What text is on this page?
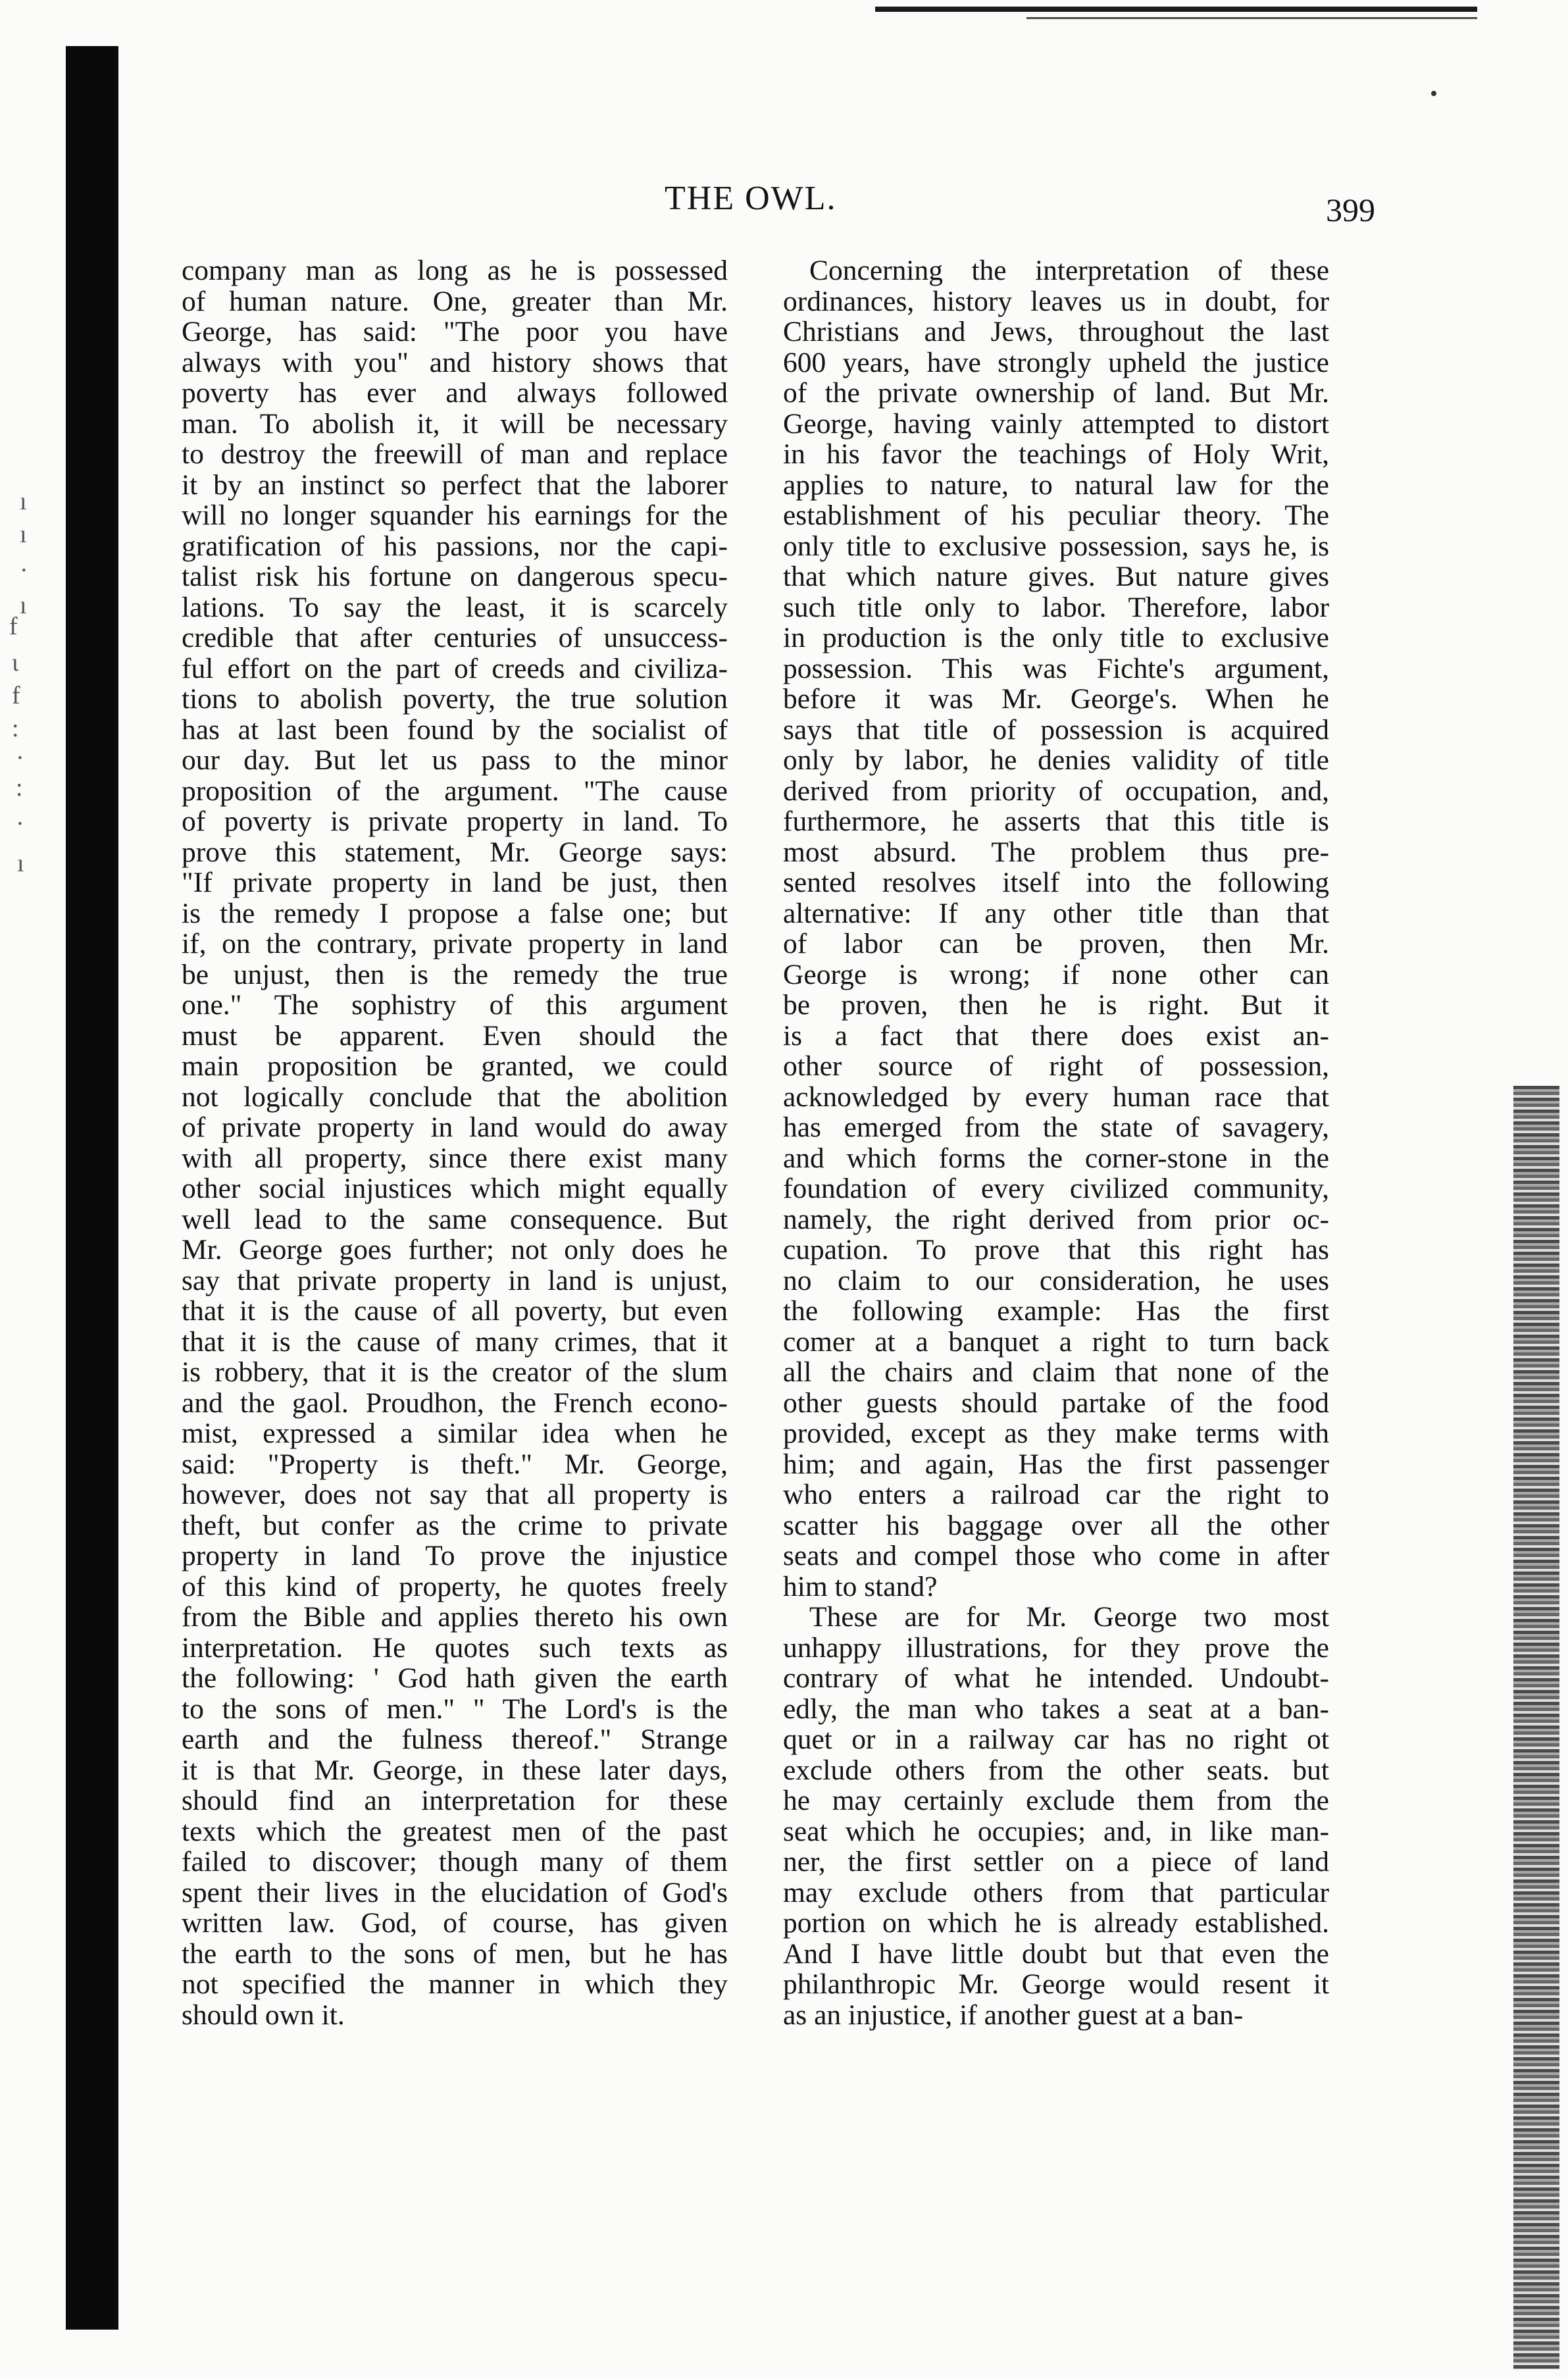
ı
ı
·
ı
f
ι
f
:
·
:
·
ı
THE OWL.	399
company man as long as he is possessed
of human nature. One, greater than Mr.
George, has said: "The poor you have
always with you" and history shows that
poverty has ever and always followed
man. To abolish it, it will be necessary
to destroy the freewill of man and replace
it by an instinct so perfect that the laborer
will no longer squander his earnings for the
gratification of his passions, nor the capi-
talist risk his fortune on dangerous specu-
lations. To say the least, it is scarcely
credible that after centuries of unsuccess-
ful effort on the part of creeds and civiliza-
tions to abolish poverty, the true solution
has at last been found by the socialist of
our day. But let us pass to the minor
proposition of the argument. "The cause
of poverty is private property in land. To
prove this statement, Mr. George says:
"If private property in land be just, then
is the remedy I propose a false one; but
if, on the contrary, private property in land
be unjust, then is the remedy the true
one." The sophistry of this argument
must be apparent. Even should the
main proposition be granted, we could
not logically conclude that the abolition
of private property in land would do away
with all property, since there exist many
other social injustices which might equally
well lead to the same consequence. But
Mr. George goes further; not only does he
say that private property in land is unjust,
that it is the cause of all poverty, but even
that it is the cause of many crimes, that it
is robbery, that it is the creator of the slum
and the gaol. Proudhon, the French econo-
mist, expressed a similar idea when he
said: "Property is theft." Mr. George,
however, does not say that all property is
theft, but confer as the crime to private
property in land To prove the injustice
of this kind of property, he quotes freely
from the Bible and applies thereto his own
interpretation. He quotes such texts as
the following: ' God hath given the earth
to the sons of men." " The Lord's is the
earth and the fulness thereof." Strange
it is that Mr. George, in these later days,
should find an interpretation for these
texts which the greatest men of the past
failed to discover; though many of them
spent their lives in the elucidation of God's
written law. God, of course, has given
the earth to the sons of men, but he has
not specified the manner in which they
should own it.
Concerning the interpretation of these
ordinances, history leaves us in doubt, for
Christians and Jews, throughout the last
600 years, have strongly upheld the justice
of the private ownership of land. But Mr.
George, having vainly attempted to distort
in his favor the teachings of Holy Writ,
applies to nature, to natural law for the
establishment of his peculiar theory. The
only title to exclusive possession, says he, is
that which nature gives. But nature gives
such title only to labor. Therefore, labor
in production is the only title to exclusive
possession. This was Fichte's argument,
before it was Mr. George's. When he
says that title of possession is acquired
only by labor, he denies validity of title
derived from priority of occupation, and,
furthermore, he asserts that this title is
most absurd. The problem thus pre-
sented resolves itself into the following
alternative: If any other title than that
of labor can be proven, then Mr.
George is wrong; if none other can
be proven, then he is right. But it
is a fact that there does exist an-
other source of right of possession,
acknowledged by every human race that
has emerged from the state of savagery,
and which forms the corner-stone in the
foundation of every civilized community,
namely, the right derived from prior oc-
cupation. To prove that this right has
no claim to our consideration, he uses
the following example: Has the first
comer at a banquet a right to turn back
all the chairs and claim that none of the
other guests should partake of the food
provided, except as they make terms with
him; and again, Has the first passenger
who enters a railroad car the right to
scatter his baggage over all the other
seats and compel those who come in after
him to stand?
These are for Mr. George two most
unhappy illustrations, for they prove the
contrary of what he intended. Undoubt-
edly, the man who takes a seat at a ban-
quet or in a railway car has no right ot
exclude others from the other seats. but
he may certainly exclude them from the
seat which he occupies; and, in like man-
ner, the first settler on a piece of land
may exclude others from that particular
portion on which he is already established.
And I have little doubt but that even the
philanthropic Mr. George would resent it
as an injustice, if another guest at a ban-
